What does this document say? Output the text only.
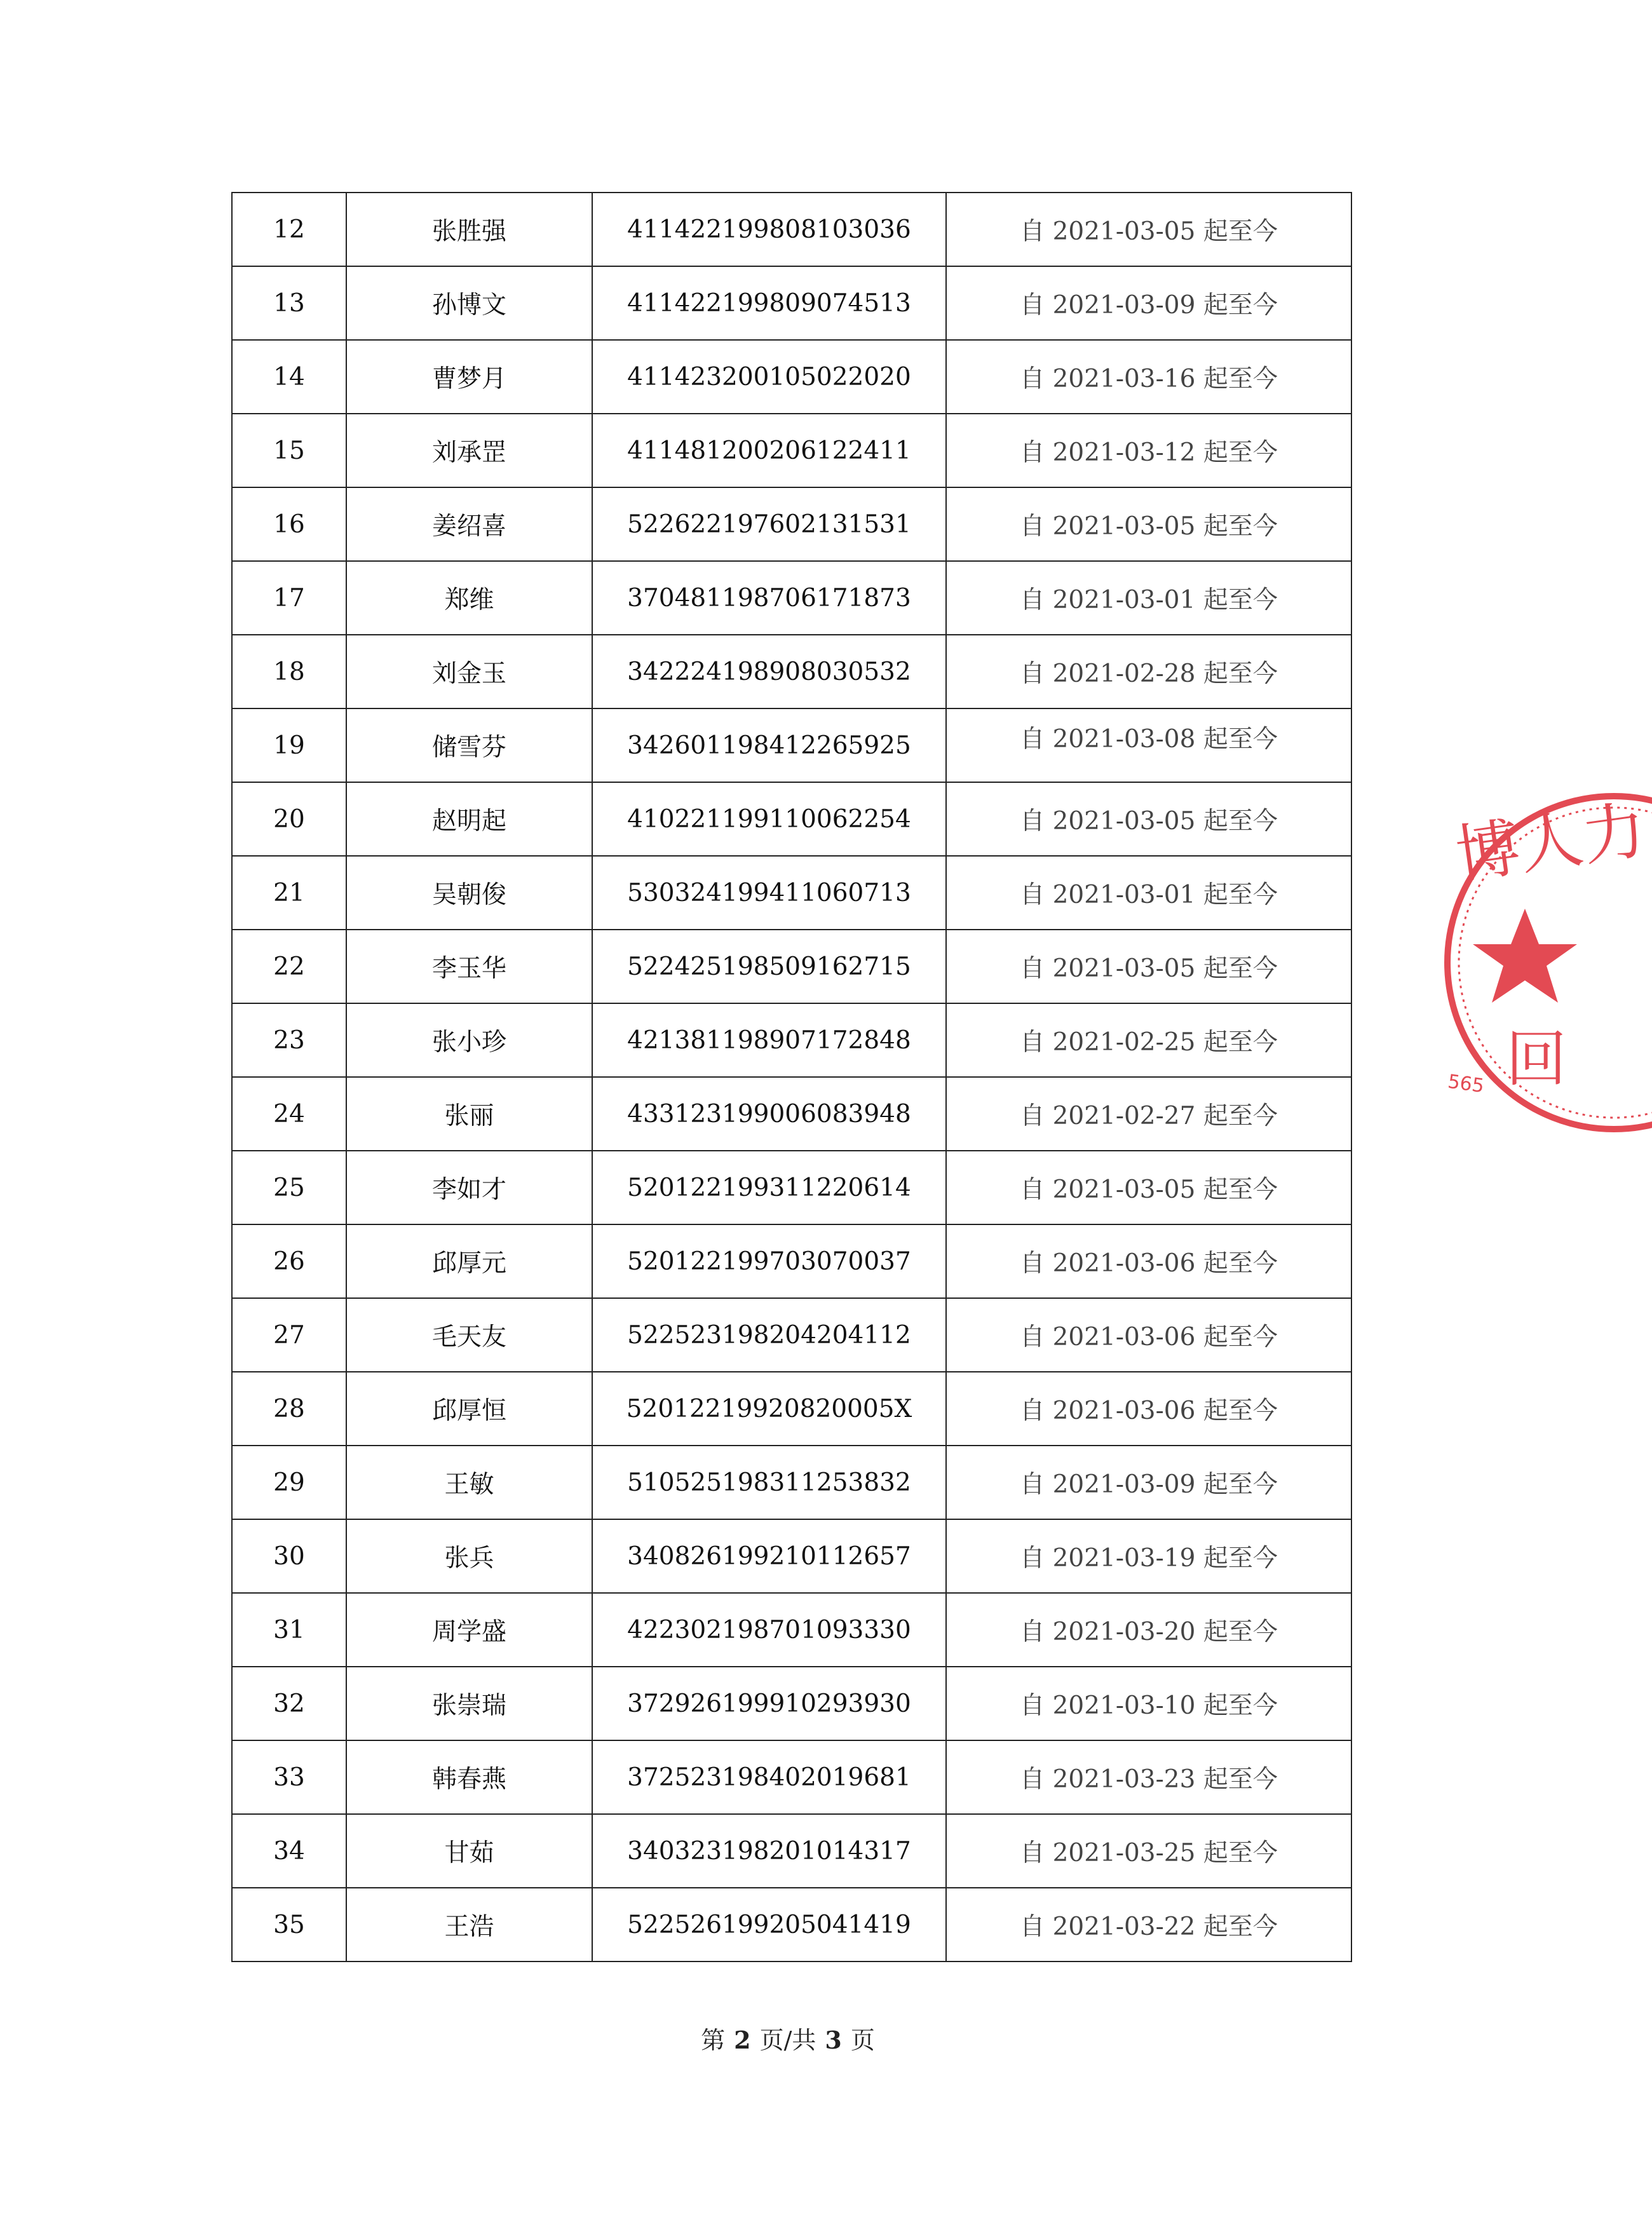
12	张胜强	411422199808103036	自 2021-03-05 起至今
13	孙博文	411422199809074513	自 2021-03-09 起至今
14	曹梦月	411423200105022020	自 2021-03-16 起至今
15	刘承罡	411481200206122411	自 2021-03-12 起至今
16	姜绍喜	522622197602131531	自 2021-03-05 起至今
17	郑维	370481198706171873	自 2021-03-01 起至今
18	刘金玉	342224198908030532	自 2021-02-28 起至今
19	储雪芬	342601198412265925	自 2021-03-08 起至今
20	赵明起	410221199110062254	自 2021-03-05 起至今
21	吴朝俊	530324199411060713	自 2021-03-01 起至今
22	李玉华	522425198509162715	自 2021-03-05 起至今
23	张小珍	421381198907172848	自 2021-02-25 起至今
24	张丽	433123199006083948	自 2021-02-27 起至今
25	李如才	520122199311220614	自 2021-03-05 起至今
26	邱厚元	520122199703070037	自 2021-03-06 起至今
27	毛天友	522523198204204112	自 2021-03-06 起至今
28	邱厚恒	52012219920820005X	自 2021-03-06 起至今
29	王敏	510525198311253832	自 2021-03-09 起至今
30	张兵	340826199210112657	自 2021-03-19 起至今
31	周学盛	422302198701093330	自 2021-03-20 起至今
32	张崇瑞	372926199910293930	自 2021-03-10 起至今
33	韩春燕	372523198402019681	自 2021-03-23 起至今
34	甘茹	340323198201014317	自 2021-03-25 起至今
35	王浩	522526199205041419	自 2021-03-22 起至今
第 2 页/共 3 页
博人力
回
565
